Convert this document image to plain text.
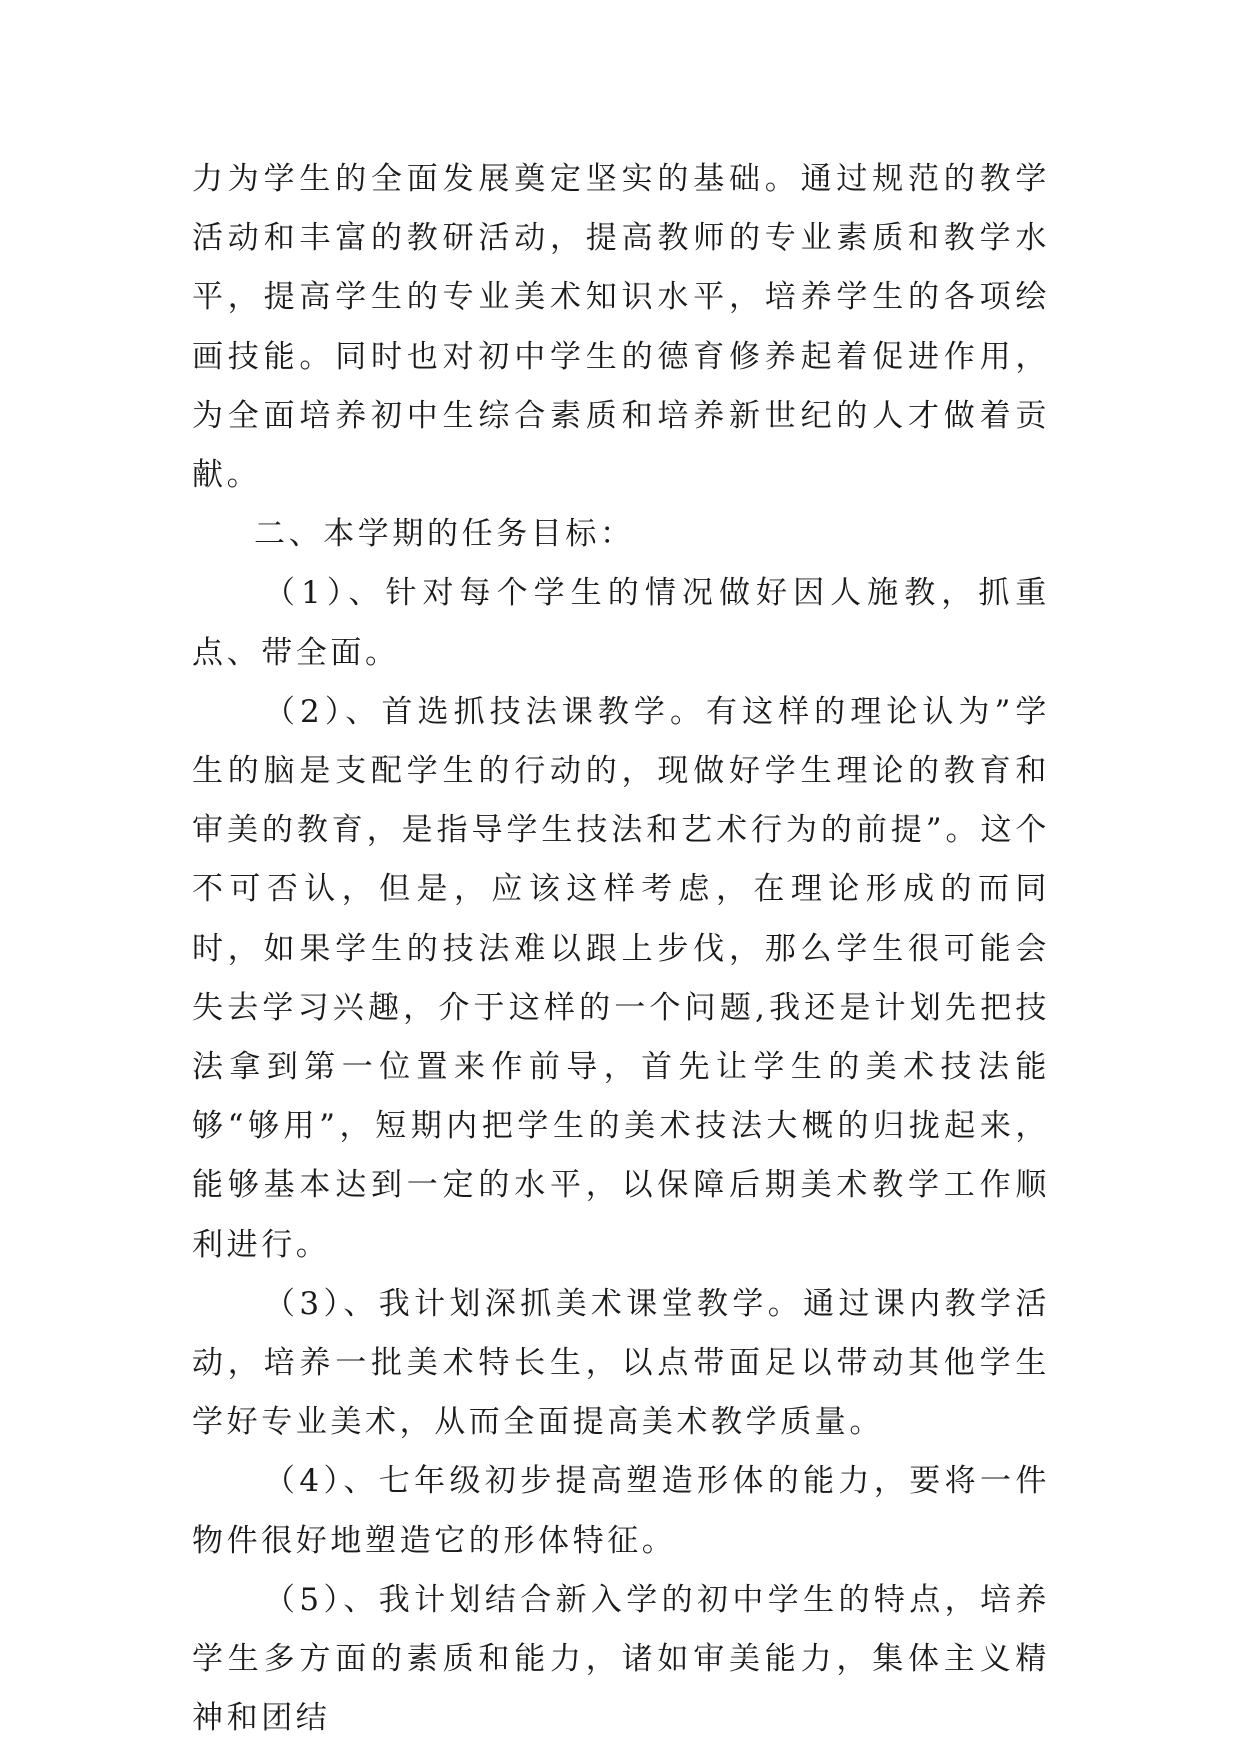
力为学生的全面发展奠定坚实的基础。通过规范的教学活动和丰富的教研活动，提高教师的专业素质和教学水平，提高学生的专业美术知识水平，培养学生的各项绘画技能。同时也对初中学生的德育修养起着促进作用，为全面培养初中生综合素质和培养新世纪的人才做着贡献。

二、本学期的任务目标：

（1）、针对每个学生的情况做好因人施教，抓重点、带全面。

（2）、首选抓技法课教学。有这样的理论认为”学生的脑是支配学生的行动的，现做好学生理论的教育和审美的教育，是指导学生技法和艺术行为的前提”。这个不可否认，但是，应该这样考虑，在理论形成的而同时，如果学生的技法难以跟上步伐，那么学生很可能会失去学习兴趣，介于这样的一个问题,我还是计划先把技法拿到第一位置来作前导，首先让学生的美术技法能够“够用”，短期内把学生的美术技法大概的归拢起来，能够基本达到一定的水平，以保障后期美术教学工作顺利进行。

（3）、我计划深抓美术课堂教学。通过课内教学活动，培养一批美术特长生，以点带面足以带动其他学生学好专业美术，从而全面提高美术教学质量。

（4）、七年级初步提高塑造形体的能力，要将一件物件很好地塑造它的形体特征。

（5）、我计划结合新入学的初中学生的特点，培养学生多方面的素质和能力，诸如审美能力，集体主义精神和团结
